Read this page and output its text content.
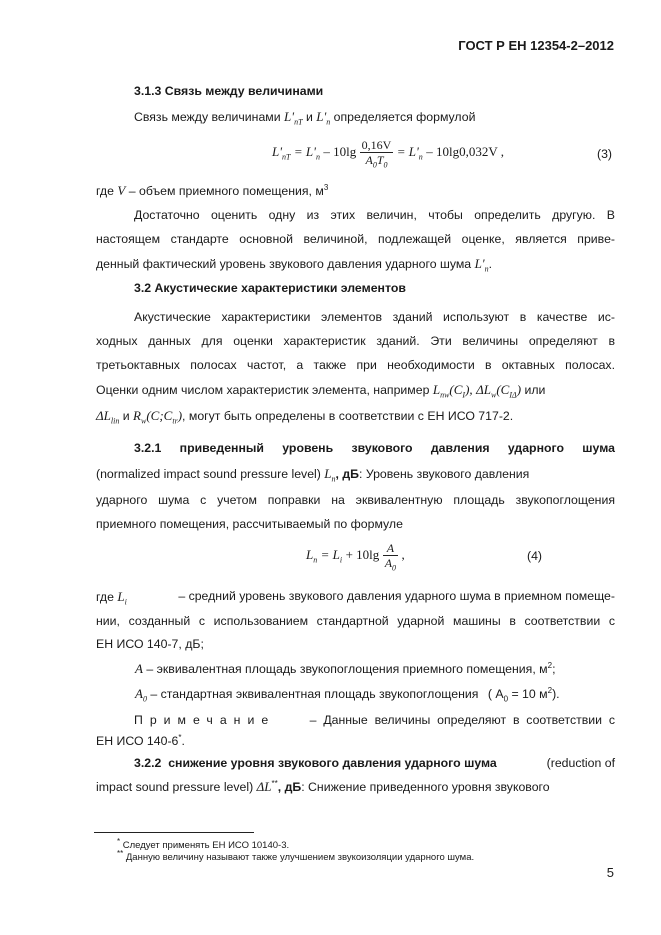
ГОСТ Р ЕН 12354-2–2012
3.1.3 Связь между величинами
Связь между величинами $L'_{nT}$ и $L'_n$ определяется формулой
$L'_{nT} = L'_n - 10\lg \frac{0,16V}{A_0T_0} = L'_n - 10\lg 0,032V$ ,	(3)
где V – объем приемного помещения, $м^3$
Достаточно оценить одну из этих величин, чтобы определить другую. В
настоящем стандарте основной величиной, подлежащей оценке, является приве-
денный фактический уровень звукового давления ударного шума $L'_n$.
3.2 Акустические характеристики элементов
Акустические характеристики элементов зданий используют в качестве ис-
ходных данных для оценки характеристик зданий. Эти величины определяют в
третьоктавных полосах частот, а также при необходимости в октавных полосах.
Оценки одним числом характеристик элемента, например $L_{nw}(C_I)$, $\Delta L_w(C_{I\Delta})$ или
$\Delta L_{lin}$ и $R_w(C;C_{tr})$, могут быть определены в соответствии с ЕН ИСО 717-2.
3.2.1 приведенный уровень звукового давления ударного шума
(normalized impact sound pressure level) $L_n$, дБ: Уровень звукового давления
ударного шума с учетом поправки на эквивалентную площадь звукопоглощения
приемного помещения, рассчитываемый по формуле
$L_n = L_i + 10\lg \frac{A}{A_0}$ ,	(4)
где $L_i$	– средний уровень звукового давления ударного шума в приемном помеще-
нии, созданный с использованием стандартной ударной машины в соответствии с
ЕН ИСО 140-7, дБ;
A – эквивалентная площадь звукопоглощения приемного помещения, $м^2$;
$A_0$ – стандартная эквивалентная площадь звукопоглощения ( $A_0 = 10$ $м^2$).
Примечание	–  Данные  величины  определяют  в  соответствии  с
ЕН ИСО 140-6*.
3.2.2 снижение уровня звукового давления ударного шума	(reduction of
impact sound pressure level) ΔL**, дБ: Снижение приведенного уровня звукового
* Следует применять ЕН ИСО 10140-3.
** Данную величину называют также улучшением звукоизоляции ударного шума.
5
